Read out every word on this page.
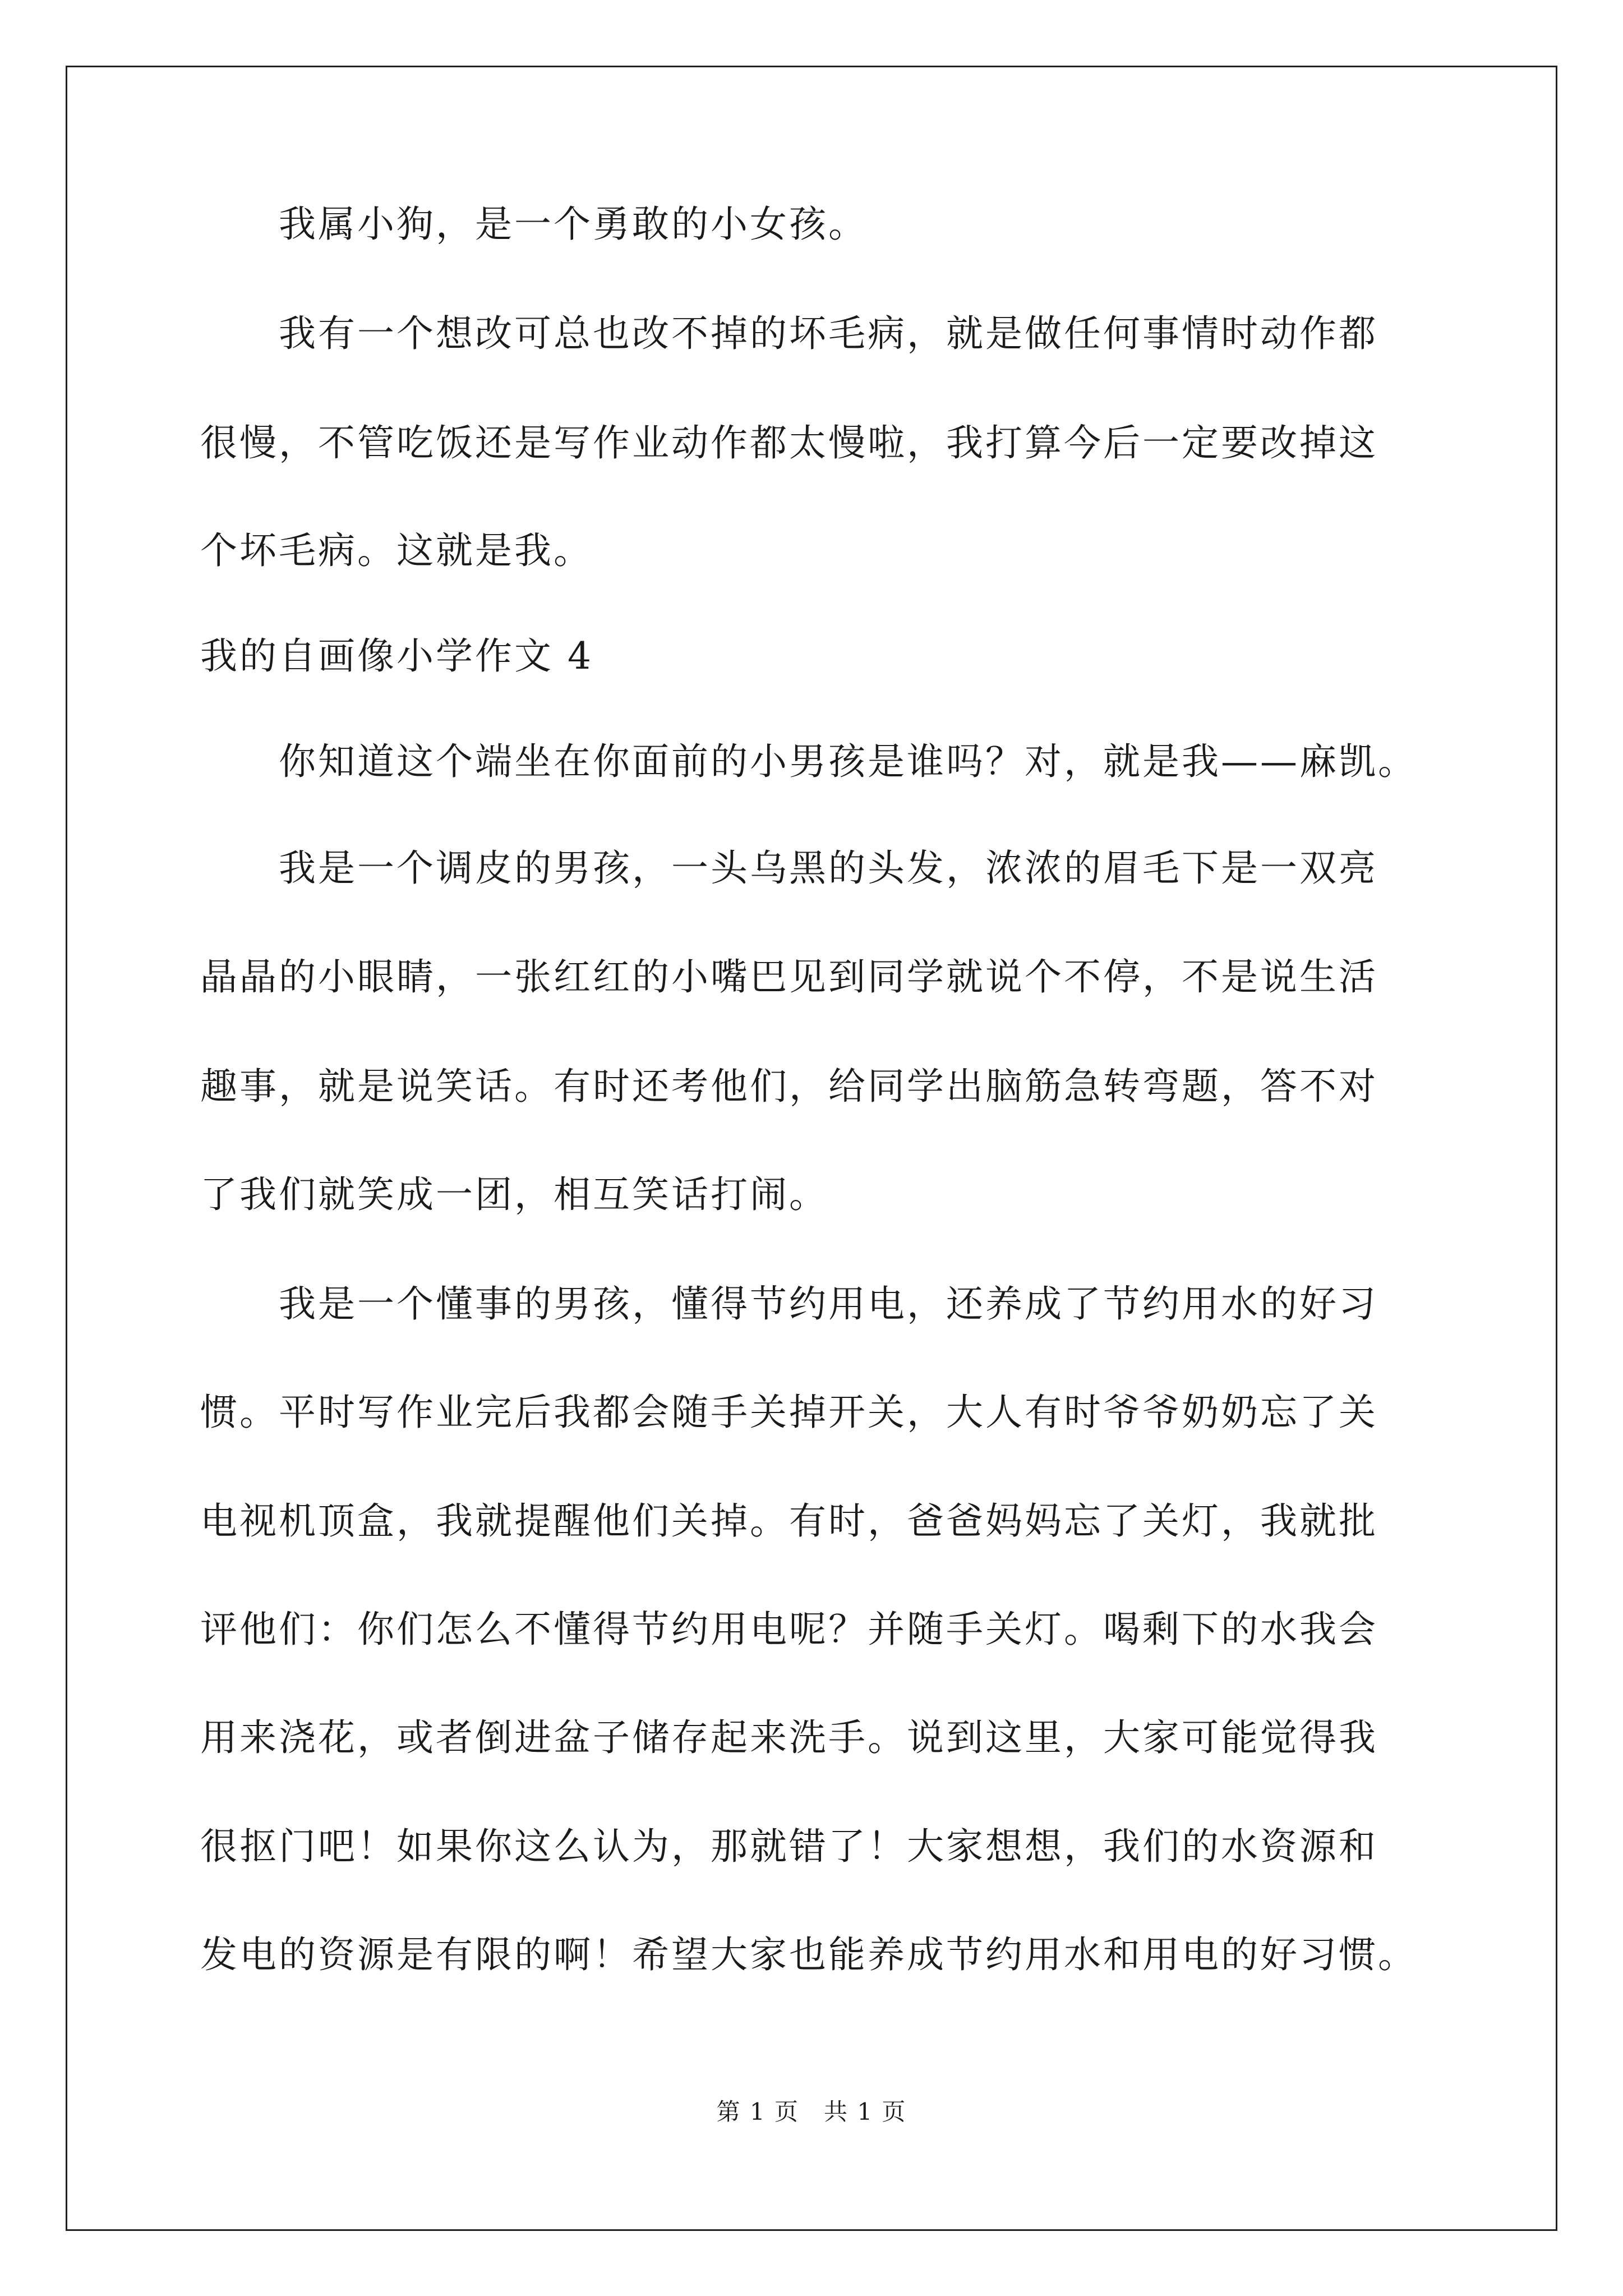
　　我属小狗，是一个勇敢的小女孩。
　　我有一个想改可总也改不掉的坏毛病，就是做任何事情时动作都
很慢，不管吃饭还是写作业动作都太慢啦，我打算今后一定要改掉这
个坏毛病。这就是我。
我的自画像小学作文 4
　　你知道这个端坐在你面前的小男孩是谁吗？对，就是我——麻凯。
　　我是一个调皮的男孩，一头乌黑的头发，浓浓的眉毛下是一双亮
晶晶的小眼睛，一张红红的小嘴巴见到同学就说个不停，不是说生活
趣事，就是说笑话。有时还考他们，给同学出脑筋急转弯题，答不对
了我们就笑成一团，相互笑话打闹。
　　我是一个懂事的男孩，懂得节约用电，还养成了节约用水的好习
惯。平时写作业完后我都会随手关掉开关，大人有时爷爷奶奶忘了关
电视机顶盒，我就提醒他们关掉。有时，爸爸妈妈忘了关灯，我就批
评他们：你们怎么不懂得节约用电呢？并随手关灯。喝剩下的水我会
用来浇花，或者倒进盆子储存起来洗手。说到这里，大家可能觉得我
很抠门吧！如果你这么认为，那就错了！大家想想，我们的水资源和
发电的资源是有限的啊！希望大家也能养成节约用水和用电的好习惯。
第 1 页　共 1 页
